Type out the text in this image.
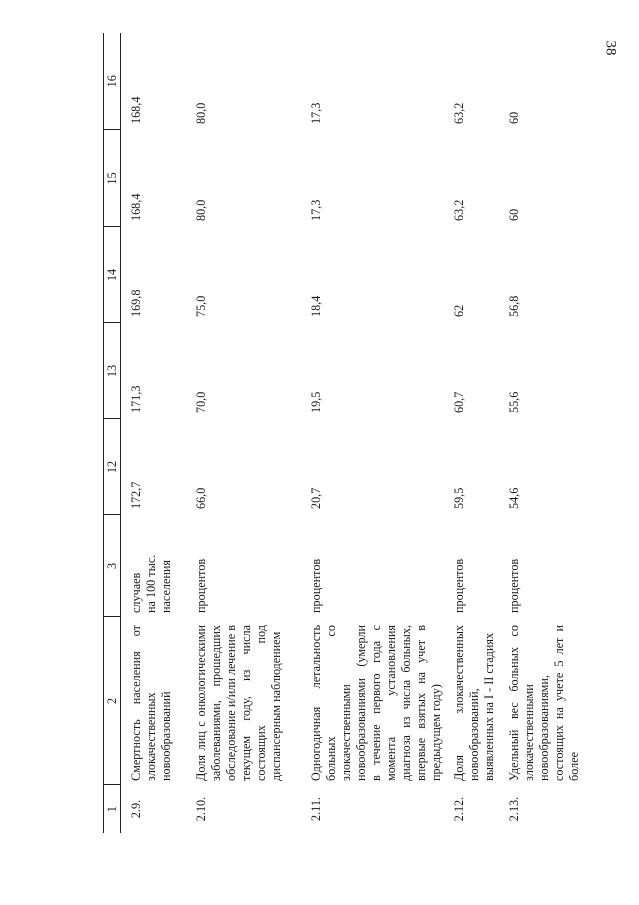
38
1	2	3	12	13	14	15	16
2.9.	Смертность населения от злокачественных новообразований	случаев
на 100 тыс.
населения	172,7	171,3	169,8	168,4	168,4
2.10.	Доля лиц с онкологическими заболеваниями, прошедших обследование и/или лечение в текущем году, из числа состоящих под диспансерным наблюдением	процентов	66,0	70,0	75,0	80,0	80,0
2.11.	Одногодичная летальность больных со злокачественными новообразованиями (умерли в течение первого года с момента установления диагноза из числа больных, впервые взятых на учет в предыдущем году)	процентов	20,7	19,5	18,4	17,3	17,3
2.12.	Доля злокачественных новообразований, выявленных на I - II стадиях	процентов	59,5	60,7	62	63,2	63,2
2.13.	Удельный вес больных со злокачественными новообразованиями, состоящих на учете 5 лет и более	процентов	54,6	55,6	56,8	60	60
